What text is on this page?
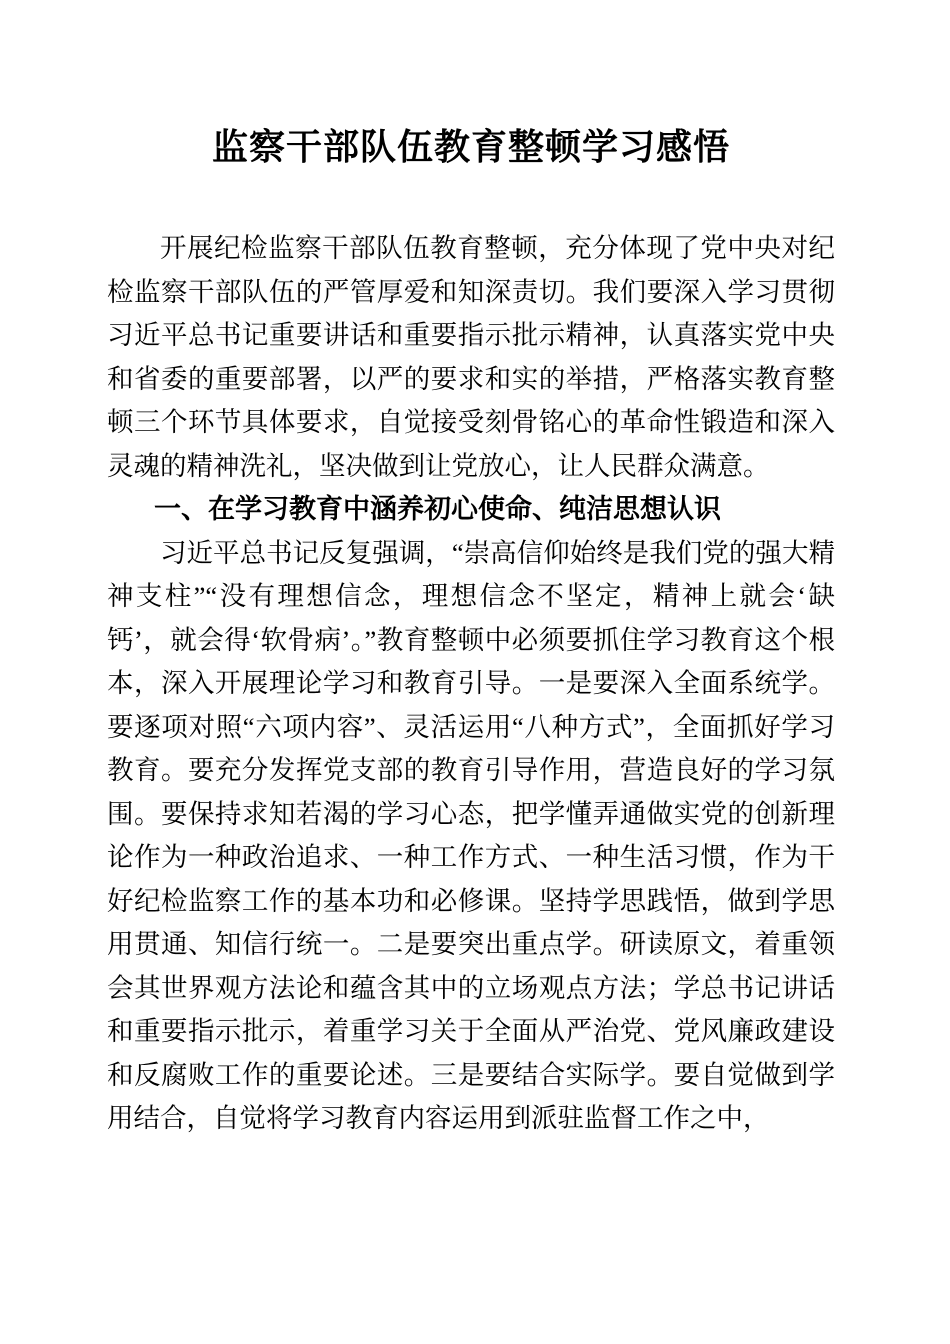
监察干部队伍教育整顿学习感悟

开展纪检监察干部队伍教育整顿，充分体现了党中央对纪检监察干部队伍的严管厚爱和知深责切。我们要深入学习贯彻习近平总书记重要讲话和重要指示批示精神，认真落实党中央和省委的重要部署，以严的要求和实的举措，严格落实教育整顿三个环节具体要求，自觉接受刻骨铭心的革命性锻造和深入灵魂的精神洗礼，坚决做到让党放心，让人民群众满意。

一、在学习教育中涵养初心使命、纯洁思想认识

习近平总书记反复强调，“崇高信仰始终是我们党的强大精神支柱”“没有理想信念，理想信念不坚定，精神上就会‘缺钙’，就会得‘软骨病’。”教育整顿中必须要抓住学习教育这个根本，深入开展理论学习和教育引导。一是要深入全面系统学。要逐项对照“六项内容”、灵活运用“八种方式”，全面抓好学习教育。要充分发挥党支部的教育引导作用，营造良好的学习氛围。要保持求知若渴的学习心态，把学懂弄通做实党的创新理论作为一种政治追求、一种工作方式、一种生活习惯，作为干好纪检监察工作的基本功和必修课。坚持学思践悟，做到学思用贯通、知信行统一。二是要突出重点学。研读原文，着重领会其世界观方法论和蕴含其中的立场观点方法；学总书记讲话和重要指示批示，着重学习关于全面从严治党、党风廉政建设和反腐败工作的重要论述。三是要结合实际学。要自觉做到学用结合，自觉将学习教育内容运用到派驻监督工作之中，
